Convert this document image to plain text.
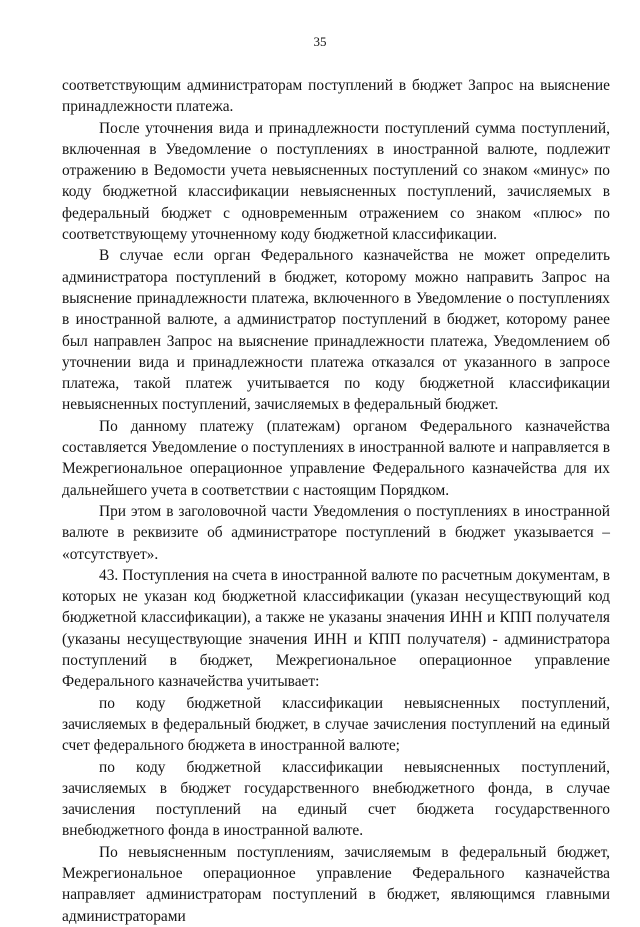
35

соответствующим администраторам поступлений в бюджет Запрос на выяснение принадлежности платежа.

После уточнения вида и принадлежности поступлений сумма поступлений, включенная в Уведомление о поступлениях в иностранной валюте, подлежит отражению в Ведомости учета невыясненных поступлений со знаком «минус» по коду бюджетной классификации невыясненных поступлений, зачисляемых в федеральный бюджет с одновременным отражением со знаком «плюс» по соответствующему уточненному коду бюджетной классификации.

В случае если орган Федерального казначейства не может определить администратора поступлений в бюджет, которому можно направить Запрос на выяснение принадлежности платежа, включенного в Уведомление о поступлениях в иностранной валюте, а администратор поступлений в бюджет, которому ранее был направлен Запрос на выяснение принадлежности платежа, Уведомлением об уточнении вида и принадлежности платежа отказался от указанного в запросе платежа, такой платеж учитывается по коду бюджетной классификации невыясненных поступлений, зачисляемых в федеральный бюджет.

По данному платежу (платежам) органом Федерального казначейства составляется Уведомление о поступлениях в иностранной валюте и направляется в Межрегиональное операционное управление Федерального казначейства для их дальнейшего учета в соответствии с настоящим Порядком.

При этом в заголовочной части Уведомления о поступлениях в иностранной валюте в реквизите об администраторе поступлений в бюджет указывается – «отсутствует».

43. Поступления на счета в иностранной валюте по расчетным документам, в которых не указан код бюджетной классификации (указан несуществующий код бюджетной классификации), а также не указаны значения ИНН и КПП получателя (указаны несуществующие значения ИНН и КПП получателя) - администратора поступлений в бюджет, Межрегиональное операционное управление Федерального казначейства учитывает:

по коду бюджетной классификации невыясненных поступлений, зачисляемых в федеральный бюджет, в случае зачисления поступлений на единый счет федерального бюджета в иностранной валюте;

по коду бюджетной классификации невыясненных поступлений, зачисляемых в бюджет государственного внебюджетного фонда, в случае зачисления поступлений на единый счет бюджета государственного внебюджетного фонда в иностранной валюте.

По невыясненным поступлениям, зачисляемым в федеральный бюджет, Межрегиональное операционное управление Федерального казначейства направляет администраторам поступлений в бюджет, являющимся главными администраторами
